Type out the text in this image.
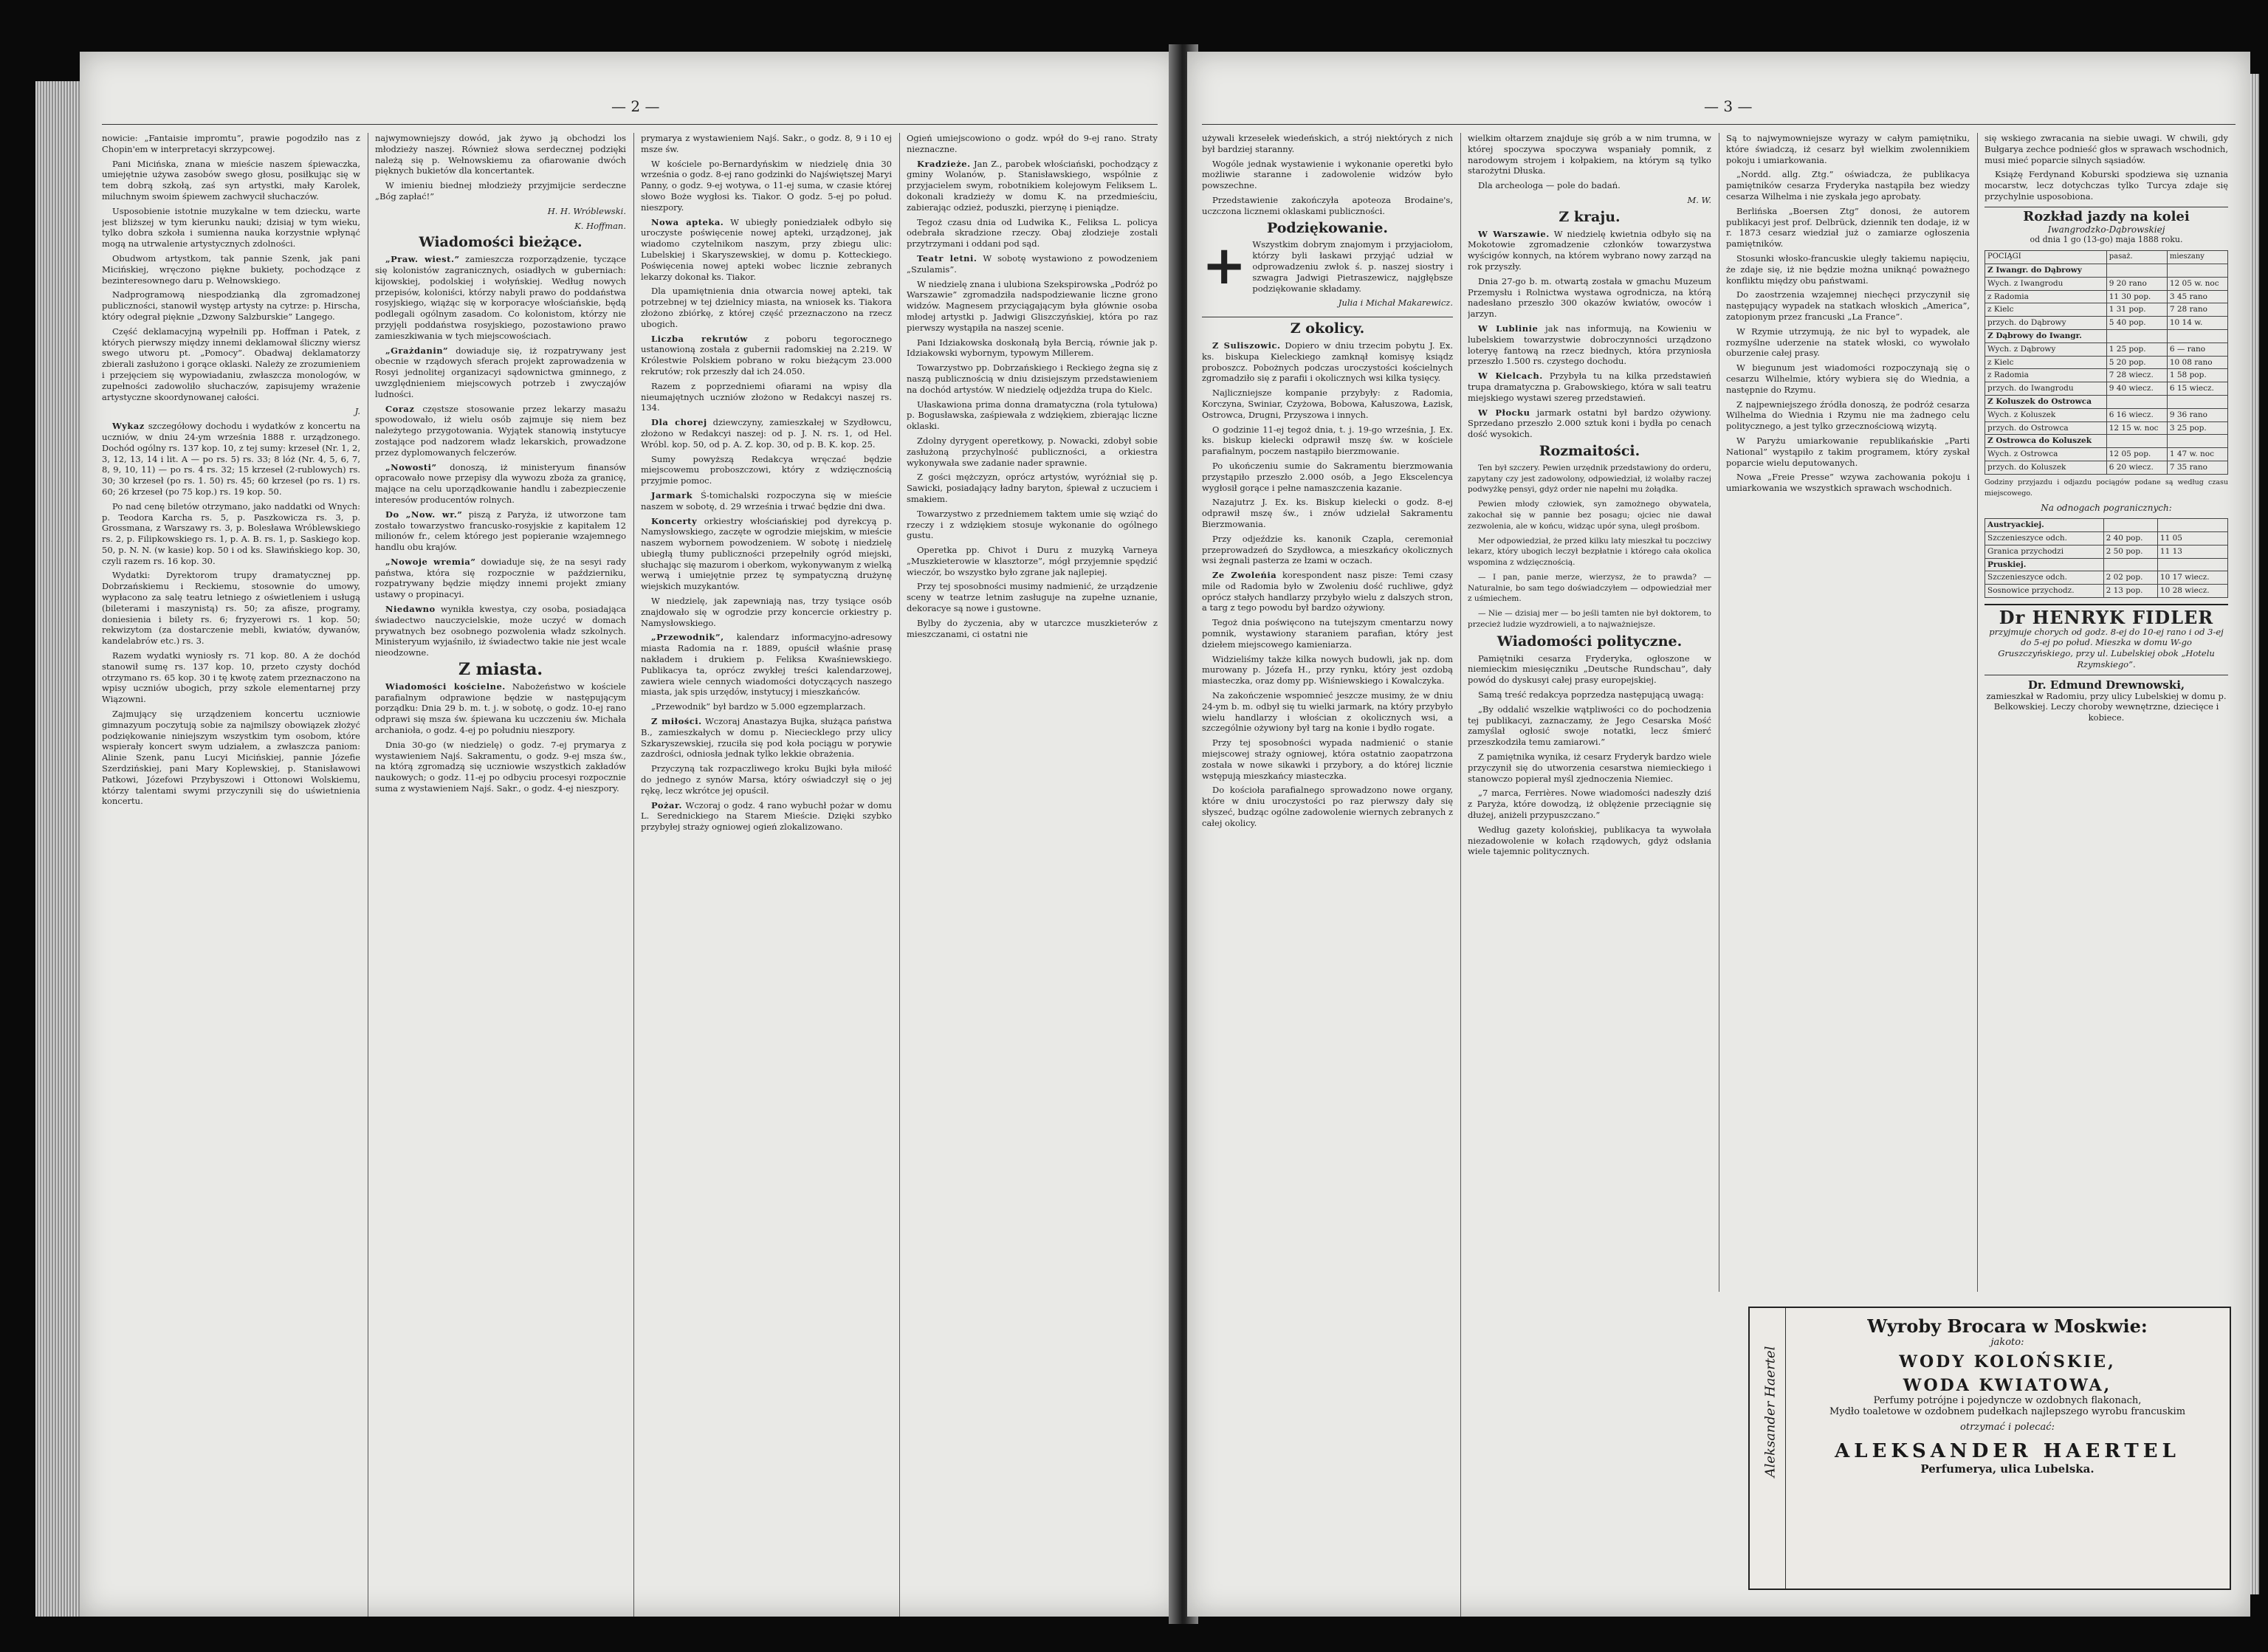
— 2 —

nowicie: „Fantaisie impromtu”, prawie pogodziło nas z Chopin'em w interpretacyi skrzypcowej.

Pani Micińska, znana w mieście naszem śpiewaczka, umiejętnie używa zasobów swego głosu, posiłkując się w tem dobrą szkołą, zaś syn artystki, mały Karolek, miluchnym swoim śpiewem zachwycił słuchaczów.

Usposobienie istotnie muzykalne w tem dziecku, warte jest bliższej w tym kierunku nauki; dzisiaj w tym wieku, tylko dobra szkoła i sumienna nauka korzystnie wpłynąć mogą na utrwalenie artystycznych zdolności.

Obudwom artystkom, tak pannie Szenk, jak pani Micińskiej, wręczono piękne bukiety, pochodzące z bezinteresownego daru p. Wełnowskiego.

Nadprogramową niespodzianką dla zgromadzonej publiczności, stanowił występ artysty na cytrze: p. Hirscha, który odegrał pięknie „Dzwony Salzburskie” Langego.

Część deklamacyjną wypełnili pp. Hoffman i Patek, z których pierwszy między innemi deklamował śliczny wiersz swego utworu pt. „Pomocy”. Obadwaj deklamatorzy zbierali zasłużono i gorące oklaski. Należy ze zrozumieniem i przejęciem się wypowiadaniu, zwłaszcza monologów, w zupełności zadowoliło słuchaczów, zapisujemy wrażenie artystyczne skoordynowanej całości.

J.

Wykaz szczegółowy dochodu i wydatków z koncertu na uczniów, w dniu 24-ym września 1888 r. urządzonego. Dochód ogólny rs. 137 kop. 10, z tej sumy: krzeseł (Nr. 1, 2, 3, 12, 13, 14 i lit. A — po rs. 5) rs. 33; 8 lóż (Nr. 4, 5, 6, 7, 8, 9, 10, 11) — po rs. 4 rs. 32; 15 krzeseł (2-rublowych) rs. 30; 30 krzeseł (po rs. 1. 50) rs. 45; 60 krzeseł (po rs. 1) rs. 60; 26 krzeseł (po 75 kop.) rs. 19 kop. 50.

Po nad cenę biletów otrzymano, jako naddatki od Wnych: p. Teodora Karcha rs. 5, p. Paszkowicza rs. 3, p. Grossmana, z Warszawy rs. 3, p. Bolesława Wróblewskiego rs. 2, p. Filipkowskiego rs. 1, p. A. B. rs. 1, p. Saskiego kop. 50, p. N. N. (w kasie) kop. 50 i od ks. Sławińskiego kop. 30, czyli razem rs. 16 kop. 30.

Wydatki: Dyrektorom trupy dramatycznej pp. Dobrzańskiemu i Reckiemu, stosownie do umowy, wypłacono za salę teatru letniego z oświetleniem i usługą (bileterami i maszynistą) rs. 50; za afisze, programy, doniesienia i bilety rs. 6; fryzyerowi rs. 1 kop. 50; rekwizytom (za dostarczenie mebli, kwiatów, dywanów, kandelabrów etc.) rs. 3.

Razem wydatki wyniosły rs. 71 kop. 80. A że dochód stanowił sumę rs. 137 kop. 10, przeto czysty dochód otrzymano rs. 65 kop. 30 i tę kwotę zatem przeznaczono na wpisy uczniów ubogich, przy szkole elementarnej przy Wiązowni.

Zajmujący się urządzeniem koncertu uczniowie gimnazyum poczytują sobie za najmilszy obowiązek złożyć podziękowanie niniejszym wszystkim tym osobom, które wspierały koncert swym udziałem, a zwłaszcza paniom: Alinie Szenk, panu Lucyi Micińskiej, pannie Józefie Szerdzińskiej, pani Mary Koplewskiej, p. Stanisławowi Patkowi, Józefowi Przybyszowi i Ottonowi Wolskiemu, którzy talentami swymi przyczynili się do uświetnienia koncertu.

najwymowniejszy dowód, jak żywo ją obchodzi los młodzieży naszej. Również słowa serdecznej podzięki należą się p. Wełnowskiemu za ofiarowanie dwóch pięknych bukietów dla koncertantek.

W imieniu biednej młodzieży przyjmijcie serdeczne „Bóg zapłać!”

H. H. Wróblewski.

K. Hoffman.

Wiadomości bieżące.

„Praw. wiest.” zamieszcza rozporządzenie, tyczące się kolonistów zagranicznych, osiadłych w guberniach: kijowskiej, podolskiej i wołyńskiej. Według nowych przepisów, koloniści, którzy nabyli prawo do poddaństwa rosyjskiego, wiążąc się w korporacye włościańskie, będą podlegali ogólnym zasadom. Co kolonistom, którzy nie przyjęli poddaństwa rosyjskiego, pozostawiono prawo zamieszkiwania w tych miejscowościach.

„Grażdanin” dowiaduje się, iż rozpatrywany jest obecnie w rządowych sferach projekt zaprowadzenia w Rosyi jednolitej organizacyi sądownictwa gminnego, z uwzględnieniem miejscowych potrzeb i zwyczajów ludności.

Coraz częstsze stosowanie przez lekarzy masażu spowodowało, iż wielu osób zajmuje się niem bez należytego przygotowania. Wyjątek stanowią instytucye zostające pod nadzorem władz lekarskich, prowadzone przez dyplomowanych felczerów.

„Nowosti” donoszą, iż ministeryum finansów opracowało nowe przepisy dla wywozu zboża za granicę, mające na celu uporządkowanie handlu i zabezpieczenie interesów producentów rolnych.

Do „Now. wr.” piszą z Paryża, iż utworzone tam zostało towarzystwo francusko-rosyjskie z kapitałem 12 milionów fr., celem którego jest popieranie wzajemnego handlu obu krajów.

„Nowoje wremia” dowiaduje się, że na sesyi rady państwa, która się rozpocznie w październiku, rozpatrywany będzie między innemi projekt zmiany ustawy o propinacyi.

Niedawno wynikła kwestya, czy osoba, posiadająca świadectwo nauczycielskie, może uczyć w domach prywatnych bez osobnego pozwolenia władz szkolnych. Ministeryum wyjaśniło, iż świadectwo takie nie jest wcale nieodzowne.

Z miasta.

Wiadomości kościelne. Nabożeństwo w kościele parafialnym odprawione będzie w następującym porządku: Dnia 29 b. m. t. j. w sobotę, o godz. 10-ej rano odprawi się msza św. śpiewana ku uczczeniu św. Michała archanioła, o godz. 4-ej po południu nieszpory.

Dnia 30-go (w niedzielę) o godz. 7-ej prymarya z wystawieniem Najś. Sakramentu, o godz. 9-ej msza św., na którą zgromadzą się uczniowie wszystkich zakładów naukowych; o godz. 11-ej po odbyciu procesyi rozpocznie suma z wystawieniem Najś. Sakr., o godz. 4-ej nieszpory.

prymarya z wystawieniem Najś. Sakr., o godz. 8, 9 i 10 ej msze św.

W kościele po-Bernardyńskim w niedzielę dnia 30 września o godz. 8-ej rano godzinki do Najświętszej Maryi Panny, o godz. 9-ej wotywa, o 11-ej suma, w czasie której słowo Boże wygłosi ks. Tiakor. O godz. 5-ej po połud. nieszpory.

Nowa apteka. W ubiegły poniedziałek odbyło się uroczyste poświęcenie nowej apteki, urządzonej, jak wiadomo czytelnikom naszym, przy zbiegu ulic: Lubelskiej i Skaryszewskiej, w domu p. Kotteckiego. Poświęcenia nowej apteki wobec licznie zebranych lekarzy dokonał ks. Tiakor.

Dla upamiętnienia dnia otwarcia nowej apteki, tak potrzebnej w tej dzielnicy miasta, na wniosek ks. Tiakora złożono zbiórkę, z której część przeznaczono na rzecz ubogich.

Liczba rekrutów z poboru tegorocznego ustanowioną została z gubernii radomskiej na 2.219. W Królestwie Polskiem pobrano w roku bieżącym 23.000 rekrutów; rok przeszły dał ich 24.050.

Razem z poprzedniemi ofiarami na wpisy dla nieumajętnych uczniów złożono w Redakcyi naszej rs. 134.

Dla chorej dziewczyny, zamieszkałej w Szydłowcu, złożono w Redakcyi naszej: od p. J. N. rs. 1, od Hel. Wróbl. kop. 50, od p. A. Z. kop. 30, od p. B. K. kop. 25.

Sumy powyższą Redakcya wręczać będzie miejscowemu proboszczowi, który z wdzięcznością przyjmie pomoc.

Jarmark Ś-tomichalski rozpoczyna się w mieście naszem w sobotę, d. 29 września i trwać będzie dni dwa.

Koncerty orkiestry włościańskiej pod dyrekcyą p. Namysłowskiego, zaczęte w ogrodzie miejskim, w mieście naszem wybornem powodzeniem. W sobotę i niedzielę ubiegłą tłumy publiczności przepełniły ogród miejski, słuchając się mazurom i oberkom, wykonywanym z wielką werwą i umiejętnie przez tę sympatyczną drużynę wiejskich muzykantów.

W niedzielę, jak zapewniają nas, trzy tysiące osób znajdowało się w ogrodzie przy koncercie orkiestry p. Namysłowskiego.

„Przewodnik”, kalendarz informacyjno-adresowy miasta Radomia na r. 1889, opuścił właśnie prasę nakładem i drukiem p. Feliksa Kwaśniewskiego. Publikacya ta, oprócz zwykłej treści kalendarzowej, zawiera wiele cennych wiadomości dotyczących naszego miasta, jak spis urzędów, instytucyj i mieszkańców.

„Przewodnik” był bardzo w 5.000 egzemplarzach.

Z miłości. Wczoraj Anastazya Bujka, służąca państwa B., zamieszkałych w domu p. Nieciecklego przy ulicy Szkaryszewskiej, rzuciła się pod koła pociągu w porywie zazdrości, odniosła jednak tylko lekkie obrażenia.

Przyczyną tak rozpaczliwego kroku Bujki była miłość do jednego z synów Marsa, który oświadczył się o jej rękę, lecz wkrótce jej opuścił.

Pożar. Wczoraj o godz. 4 rano wybuchł pożar w domu L. Serednickiego na Starem Mieście. Dzięki szybko przybyłej straży ogniowej ogień zlokalizowano.

Ogień umiejscowiono o godz. wpół do 9-ej rano. Straty nieznaczne.

Kradzieże. Jan Z., parobek włościański, pochodzący z gminy Wolanów, p. Stanisławskiego, wspólnie z przyjacielem swym, robotnikiem kolejowym Feliksem L. dokonali kradzieży w domu K. na przedmieściu, zabierając odzież, poduszki, pierzynę i pieniądze.

Tegoż czasu dnia od Ludwika K., Feliksa L. policya odebrała skradzione rzeczy. Obaj złodzieje zostali przytrzymani i oddani pod sąd.

Teatr letni. W sobotę wystawiono z powodzeniem „Szulamis”.

W niedzielę znana i ulubiona Szekspirowska „Podróż po Warszawie” zgromadziła nadspodziewanie liczne grono widzów. Magnesem przyciągającym była głównie osoba młodej artystki p. Jadwigi Gliszczyńskiej, która po raz pierwszy wystąpiła na naszej scenie.

Pani Idziakowska doskonałą była Bercią, równie jak p. Idziakowski wybornym, typowym Millerem.

Towarzystwo pp. Dobrzańskiego i Reckiego żegna się z naszą publicznością w dniu dzisiejszym przedstawieniem na dochód artystów. W niedzielę odjeżdża trupa do Kielc.

Ułaskawiona prima donna dramatyczna (rola tytułowa) p. Bogusławska, zaśpiewała z wdziękiem, zbierając liczne oklaski.

Zdolny dyrygent operetkowy, p. Nowacki, zdobył sobie zasłużoną przychylność publiczności, a orkiestra wykonywała swe zadanie nader sprawnie.

Z gości mężczyzn, oprócz artystów, wyróżniał się p. Sawicki, posiadający ładny baryton, śpiewał z uczuciem i smakiem.

Towarzystwo z przedniemem taktem umie się wziąć do rzeczy i z wdziękiem stosuje wykonanie do ogólnego gustu.

Operetka pp. Chivot i Duru z muzyką Varneya „Muszkieterowie w klasztorze”, mógł przyjemnie spędzić wieczór, bo wszystko było zgrane jak najlepiej.

Przy tej sposobności musimy nadmienić, że urządzenie sceny w teatrze letnim zasługuje na zupełne uznanie, dekoracye są nowe i gustowne.

Bylby do życzenia, aby w utarczce muszkieterów z mieszczanami, ci ostatni nie

— 3 —

używali krzesełek wiedeńskich, a strój niektórych z nich był bardziej staranny.

Wogóle jednak wystawienie i wykonanie operetki było możliwie staranne i zadowolenie widzów było powszechne.

Przedstawienie zakończyła apoteoza Brodaine's, uczczona licznemi oklaskami publiczności.

Podziękowanie.
+ Wszystkim dobrym znajomym i przyjaciołom, którzy byli łaskawi przyjąć udział w odprowadzeniu zwłok ś. p. naszej siostry i szwagra Jadwigi Pietraszewicz, najgłębsze podziękowanie składamy.

Julia i Michał Makarewicz.

Z okolicy.

Z Suliszowic. Dopiero w dniu trzecim pobytu J. Ex. ks. biskupa Kieleckiego zamknął komisyę ksiądz proboszcz. Pobożnych podczas uroczystości kościelnych zgromadziło się z parafii i okolicznych wsi kilka tysięcy.

Najliczniejsze kompanie przybyły: z Radomia, Korczyna, Swiniar, Czyżowa, Bobowa, Kałuszowa, Łazisk, Ostrowca, Drugni, Przyszowa i innych.

O godzinie 11-ej tegoż dnia, t. j. 19-go września, J. Ex. ks. biskup kielecki odprawił mszę św. w kościele parafialnym, poczem nastąpiło bierzmowanie.

Po ukończeniu sumie do Sakramentu bierzmowania przystąpiło przeszło 2.000 osób, a Jego Ekscelencya wygłosił gorące i pełne namaszczenia kazanie.

Nazajutrz J. Ex. ks. Biskup kielecki o godz. 8-ej odprawił mszę św., i znów udzielał Sakramentu Bierzmowania.

Przy odjeździe ks. kanonik Czapla, ceremoniał przeprowadzeń do Szydłowca, a mieszkańcy okolicznych wsi żegnali pasterza ze łzami w oczach.

Ze Zwoleńia korespondent nasz pisze: Temi czasy mile od Radomia było w Zwoleniu dość ruchliwe, gdyż oprócz stałych handlarzy przybyło wielu z dalszych stron, a targ z tego powodu był bardzo ożywiony.

Tegoż dnia poświęcono na tutejszym cmentarzu nowy pomnik, wystawiony staraniem parafian, który jest dziełem miejscowego kamieniarza.

Widzieliśmy także kilka nowych budowli, jak np. dom murowany p. Józefa H., przy rynku, który jest ozdobą miasteczka, oraz domy pp. Wiśniewskiego i Kowalczyka.

Na zakończenie wspomnieć jeszcze musimy, że w dniu 24-ym b. m. odbył się tu wielki jarmark, na który przybyło wielu handlarzy i włościan z okolicznych wsi, a szczególnie ożywiony był targ na konie i bydło rogate.

Przy tej sposobności wypada nadmienić o stanie miejscowej straży ogniowej, która ostatnio zaopatrzona została w nowe sikawki i przybory, a do której licznie wstępują mieszkańcy miasteczka.

Do kościoła parafialnego sprowadzono nowe organy, które w dniu uroczystości po raz pierwszy dały się słyszeć, budząc ogólne zadowolenie wiernych zebranych z całej okolicy.

wielkim ołtarzem znajduje się grób a w nim trumna, w której spoczywa spoczywa wspaniały pomnik, z narodowym strojem i kołpakiem, na którym są tylko starożytni Dłuska.

Dla archeologa — pole do badań.

M. W.

Z kraju.

W Warszawie. W niedzielę kwietnia odbyło się na Mokotowie zgromadzenie członków towarzystwa wyścigów konnych, na którem wybrano nowy zarząd na rok przyszły.

Dnia 27-go b. m. otwartą została w gmachu Muzeum Przemysłu i Rolnictwa wystawa ogrodnicza, na którą nadesłano przeszło 300 okazów kwiatów, owoców i jarzyn.

W Lublinie jak nas informują, na Kowieniu w lubelskiem towarzystwie dobroczynności urządzono loteryę fantową na rzecz biednych, która przyniosła przeszło 1.500 rs. czystego dochodu.

W Kielcach. Przybyła tu na kilka przedstawień trupa dramatyczna p. Grabowskiego, która w sali teatru miejskiego wystawi szereg przedstawień.

W Płocku jarmark ostatni był bardzo ożywiony. Sprzedano przeszło 2.000 sztuk koni i bydła po cenach dość wysokich.

Rozmaitości.

Ten był szczery. Pewien urzędnik przedstawiony do orderu, zapytany czy jest zadowolony, odpowiedział, iż wolałby raczej podwyżkę pensyi, gdyż order nie napełni mu żołądka.

Pewien młody człowiek, syn zamożnego obywatela, zakochał się w pannie bez posagu; ojciec nie dawał zezwolenia, ale w końcu, widząc upór syna, uległ prośbom.

Mer odpowiedział, że przed kilku laty mieszkał tu poczciwy lekarz, który ubogich leczył bezpłatnie i którego cała okolica wspomina z wdzięcznością.

— I pan, panie merze, wierzysz, że to prawda? — Naturalnie, bo sam tego doświadczyłem — odpowiedział mer z uśmiechem.

— Nie — dzisiaj mer — bo jeśli tamten nie był doktorem, to przecież ludzie wyzdrowieli, a to najważniejsze.

Wiadomości polityczne.

Pamiętniki cesarza Fryderyka, ogłoszone w niemieckim miesięczniku „Deutsche Rundschau”, dały powód do dyskusyi całej prasy europejskiej.

Samą treść redakcya poprzedza następującą uwagą:

„By oddalić wszelkie wątpliwości co do pochodzenia tej publikacyi, zaznaczamy, że Jego Cesarska Mość zamyślał ogłosić swoje notatki, lecz śmierć przeszkodziła temu zamiarowi.”

Z pamiętnika wynika, iż cesarz Fryderyk bardzo wiele przyczynił się do utworzenia cesarstwa niemieckiego i stanowczo popierał myśl zjednoczenia Niemiec.

„7 marca, Ferrières. Nowe wiadomości nadeszły dziś z Paryża, które dowodzą, iż oblężenie przeciągnie się dłużej, aniżeli przypuszczano.”

Według gazety kolońskiej, publikacya ta wywołała niezadowolenie w kołach rządowych, gdyż odsłania wiele tajemnic politycznych.

Są to najwymowniejsze wyrazy w całym pamiętniku, które świadczą, iż cesarz był wielkim zwolennikiem pokoju i umiarkowania.

„Nordd. allg. Ztg.” oświadcza, że publikacya pamiętników cesarza Fryderyka nastąpiła bez wiedzy cesarza Wilhelma i nie zyskała jego aprobaty.

Berlińska „Boersen Ztg” donosi, że autorem publikacyi jest prof. Delbrück, dziennik ten dodaje, iż w r. 1873 cesarz wiedział już o zamiarze ogłoszenia pamiętników.

Stosunki włosko-francuskie uległy takiemu napięciu, że zdaje się, iż nie będzie można uniknąć poważnego konfliktu między obu państwami.

Do zaostrzenia wzajemnej niechęci przyczynił się następujący wypadek na statkach włoskich „America”, zatopionym przez francuski „La France”.

W Rzymie utrzymują, że nic był to wypadek, ale rozmyślne uderzenie na statek włoski, co wywołało oburzenie całej prasy.

W biegunum jest wiadomości rozpoczynają się o cesarzu Wilhelmie, który wybiera się do Wiednia, a następnie do Rzymu.

Z najpewniejszego źródła donoszą, że podróż cesarza Wilhelma do Wiednia i Rzymu nie ma żadnego celu politycznego, a jest tylko grzecznościową wizytą.

W Paryżu umiarkowanie republikańskie „Parti National” wystąpiło z takim programem, który zyskał poparcie wielu deputowanych.

Nowa „Freie Presse” wzywa zachowania pokoju i umiarkowania we wszystkich sprawach wschodnich.

się wskiego zwracania na siebie uwagi. W chwili, gdy Bułgarya zechce podnieść głos w sprawach wschodnich, musi mieć poparcie silnych sąsiadów.

Książę Ferdynand Koburski spodziewa się uznania mocarstw, lecz dotychczas tylko Turcya zdaje się przychylnie usposobiona.

Rozkład jazdy na kolei
Iwangrodzko-Dąbrowskiej
od dnia 1 go (13-go) maja 1888 roku.
POCIĄGI	pasaż.	mieszany
Z Iwangr. do Dąbrowy		
Wych. z Iwangrodu	9 20 rano	12 05 w. noc
z Radomia	11 30 pop.	3 45 rano
z Kielc	1 31 pop.	7 28 rano
przych. do Dąbrowy	5 40 pop.	10 14 w.
Z Dąbrowy do Iwangr.		
Wych. z Dąbrowy	1 25 pop.	6 — rano
z Kielc	5 20 pop.	10 08 rano
z Radomia	7 28 wiecz.	1 58 pop.
przych. do Iwangrodu	9 40 wiecz.	6 15 wiecz.
Z Koluszek do Ostrowca		
Wych. z Koluszek	6 16 wiecz.	9 36 rano
przych. do Ostrowca	12 15 w. noc	3 25 pop.
Z Ostrowca do Koluszek		
Wych. z Ostrowca	12 05 pop.	1 47 w. noc
przych. do Koluszek	6 20 wiecz.	7 35 rano

Godziny przyjazdu i odjazdu pociągów podane są według czasu miejscowego.

Na odnogach pogranicznych:
Austryackiej.		
Szczenieszyce odch.	2 40 pop.	11 05
Granica przychodzi	2 50 pop.	11 13
Pruskiej.		
Szczenieszyce odch.	2 02 pop.	10 17 wiecz.
Sosnowice przychodz.	2 13 pop.	10 28 wiecz.
Dr HENRYK FIDLER

przyjmuje chorych od godz. 8-ej do 10-ej rano i od 3-ej do 5-ej po połud. Mieszka w domu W-go Gruszczyńskiego, przy ul. Lubelskiej obok „Hotelu Rzymskiego”.

Dr. Edmund Drewnowski,

zamieszkał w Radomiu, przy ulicy Lubelskiej w domu p. Belkowskiej. Leczy choroby wewnętrzne, dziecięce i kobiece.

Aleksander Haertel
Wyroby Brocara w Moskwie:
jakoto:
WODY KOLOŃSKIE,
WODA KWIATOWA,
Perfumy potrójne i pojedyncze w ozdobnych flakonach,
Mydło toaletowe w ozdobnem pudełkach najlepszego wyrobu francuskim
otrzymać i polecać:
ALEKSANDER HAERTEL
Perfumerya, ulica Lubelska.
